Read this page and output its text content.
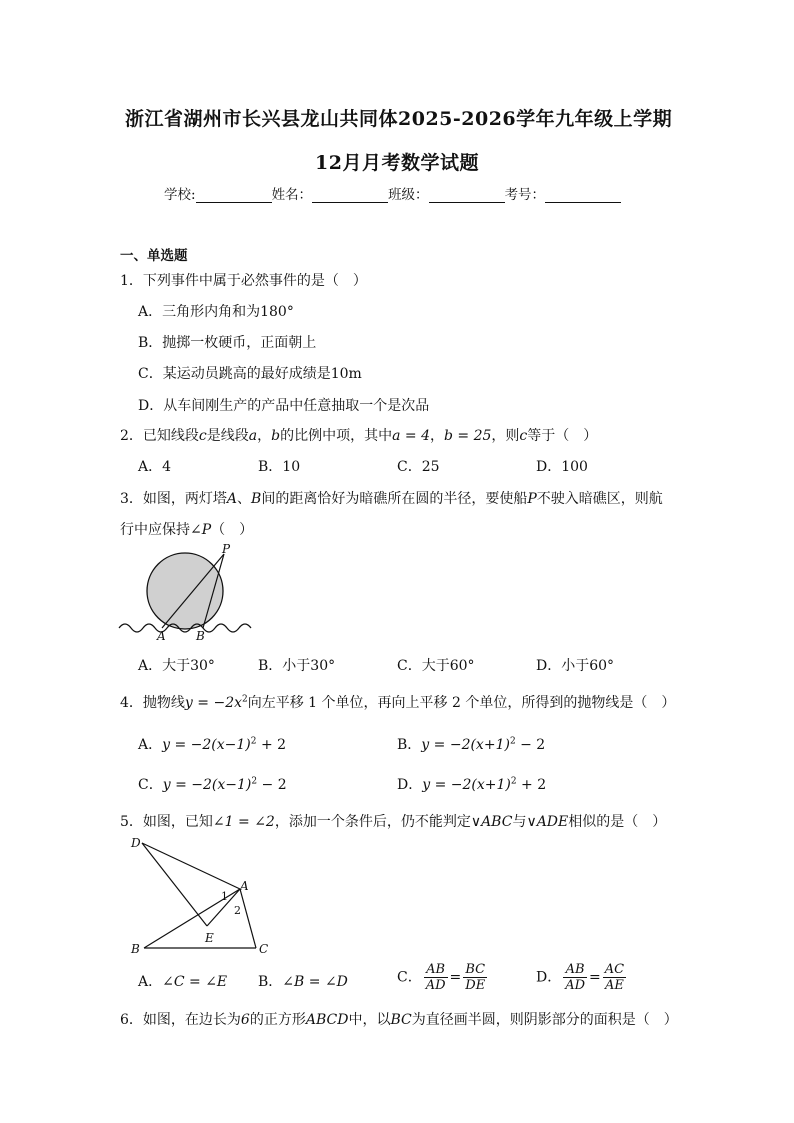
浙江省湖州市长兴县龙山共同体2025-2026学年九年级上学期
12月月考数学试题
学校:	姓名：	班级：	考号：
一、单选题
1．下列事件中属于必然事件的是（　）
A．三角形内角和为180°
B．抛掷一枚硬币，正面朝上
C．某运动员跳高的最好成绩是10m
D．从车间刚生产的产品中任意抽取一个是次品
2．已知线段c是线段a，b的比例中项，其中a = 4，b = 25，则c等于（　）
A．4	B．10	C．25	D．100
3．如图，两灯塔A、B间的距离恰好为暗礁所在圆的半径，要使船P不驶入暗礁区，则航
行中应保持∠P（　）
P
A	B
A．大于30°	B．小于30°	C．大于60°	D．小于60°
4．抛物线$y = -2x^2$向左平移 1 个单位，再向上平移 2 个单位，所得到的抛物线是（　）
A．$y = -2(x-1)^2 + 2$	B．$y = -2(x+1)^2 - 2$
C．$y = -2(x-1)^2 - 2$	D．$y = -2(x+1)^2 + 2$
5．如图，已知∠1 = ∠2，添加一个条件后，仍不能判定∨ABC与∨ADE相似的是（　）
D
A
1
2
E
B	C
A．∠C = ∠E B．∠B = ∠D	C． $\frac{AB}{AD} = \frac{BC}{DE}$	D． $\frac{AB}{AD} = \frac{AC}{AE}$
6．如图，在边长为6的正方形ABCD中，以BC为直径画半圆，则阴影部分的面积是（　）
